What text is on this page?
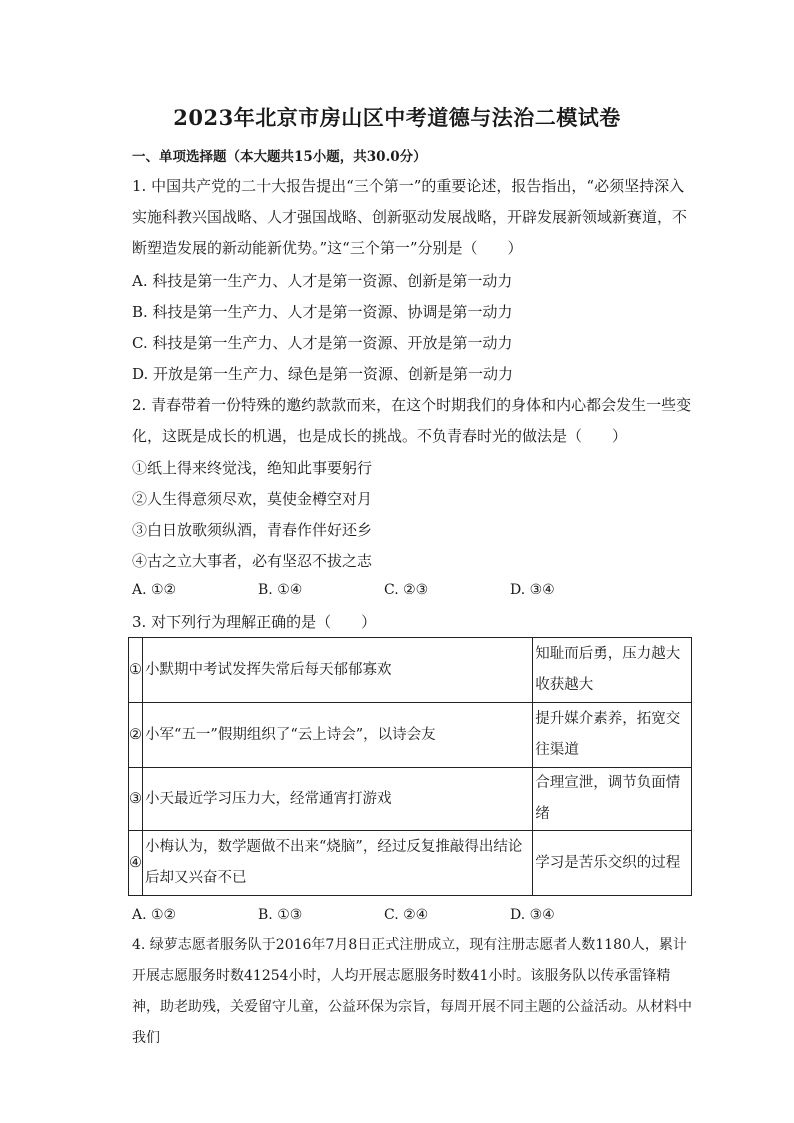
2023年北京市房山区中考道德与法治二模试卷
一、单项选择题（本大题共15小题，共30.0分）
1. 中国共产党的二十大报告提出“三个第一”的重要论述，报告指出，“必须坚持深入实施科教兴国战略、人才强国战略、创新驱动发展战略，开辟发展新领域新赛道，不断塑造发展的新动能新优势。”这“三个第一”分别是（　　）
A. 科技是第一生产力、人才是第一资源、创新是第一动力
B. 科技是第一生产力、人才是第一资源、协调是第一动力
C. 科技是第一生产力、人才是第一资源、开放是第一动力
D. 开放是第一生产力、绿色是第一资源、创新是第一动力
2. 青春带着一份特殊的邀约款款而来，在这个时期我们的身体和内心都会发生一些变化，这既是成长的机遇，也是成长的挑战。不负青春时光的做法是（　　）
①纸上得来终觉浅，绝知此事要躬行
②人生得意须尽欢，莫使金樽空对月
③白日放歌须纵酒，青春作伴好还乡
④古之立大事者，必有坚忍不拔之志
A. ①②	B. ①④	C. ②③	D. ③④
3. 对下列行为理解正确的是（　　）
①	小默期中考试发挥失常后每天郁郁寡欢	知耻而后勇，压力越大收获越大
②	小军“五一”假期组织了“云上诗会”，以诗会友	提升媒介素养，拓宽交往渠道
③	小天最近学习压力大，经常通宵打游戏	合理宣泄，调节负面情绪
④	小梅认为，数学题做不出来“烧脑”，经过反复推敲得出结论后却又兴奋不已	学习是苦乐交织的过程
A. ①②	B. ①③	C. ②④	D. ③④
4. 绿萝志愿者服务队于2016年7月8日正式注册成立，现有注册志愿者人数1180人，累计开展志愿服务时数41254小时，人均开展志愿服务时数41小时。该服务队以传承雷锋精神，助老助残，关爱留守儿童，公益环保为宗旨，每周开展不同主题的公益活动。从材料中我们
